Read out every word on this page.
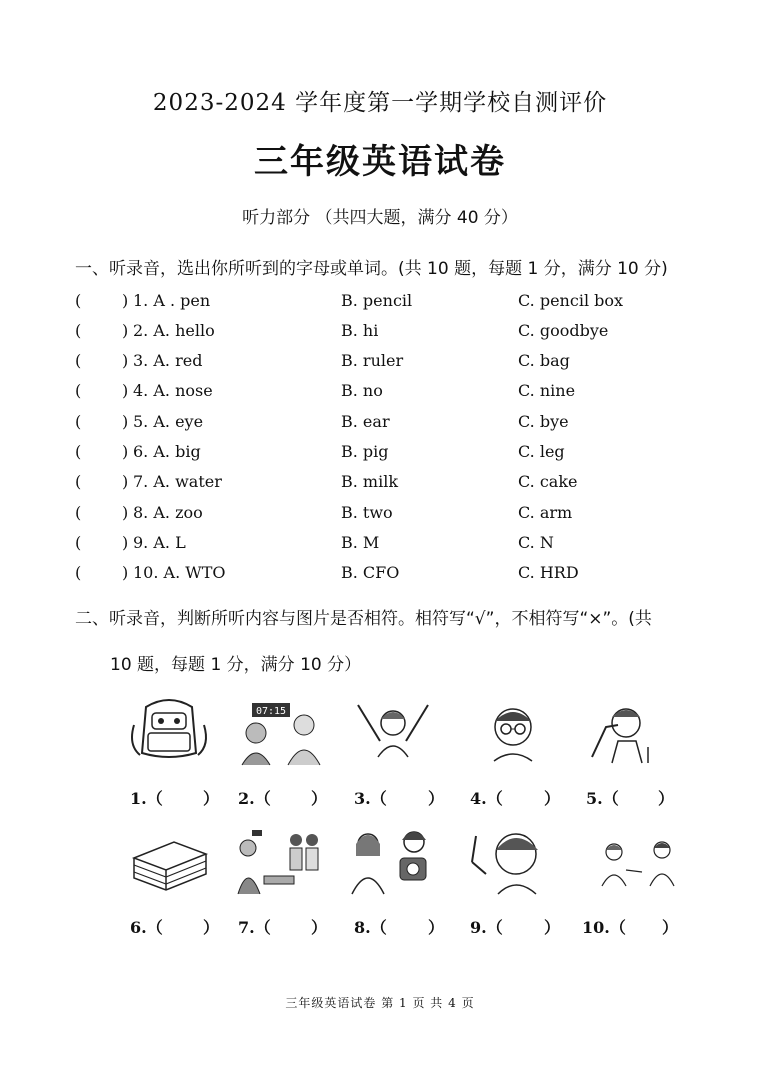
2023-2024 学年度第一学期学校自测评价
三年级英语试卷
听力部分 （共四大题，满分 40 分）
一、听录音，选出你所听到的字母或单词。(共 10 题，每题 1 分，满分 10 分)
(	) 1. A . pen	B. pencil	C. pencil box
(	) 2. A. hello	B. hi	C. goodbye
(	) 3. A. red	B. ruler	C. bag
(	) 4. A. nose	B. no	C. nine
(	) 5. A. eye	B. ear	C. bye
(	) 6. A. big	B. pig	C. leg
(	) 7. A. water	B. milk	C. cake
(	) 8. A. zoo	B. two	C. arm
(	) 9. A. L	B. M	C. N
(	) 10. A. WTO	B. CFO	C. HRD
二、听录音，判断所听内容与图片是否相符。相符写“√”，不相符写“×”。(共
10 题，每题 1 分，满分 10 分）
07:15
1.（	） 2.（	） 3.（	） 4.（	） 5.（ ）
6.（	） 7.（	） 8.（	） 9.（	） 10.（ ）
三年级英语试卷 第 1 页 共 4 页
